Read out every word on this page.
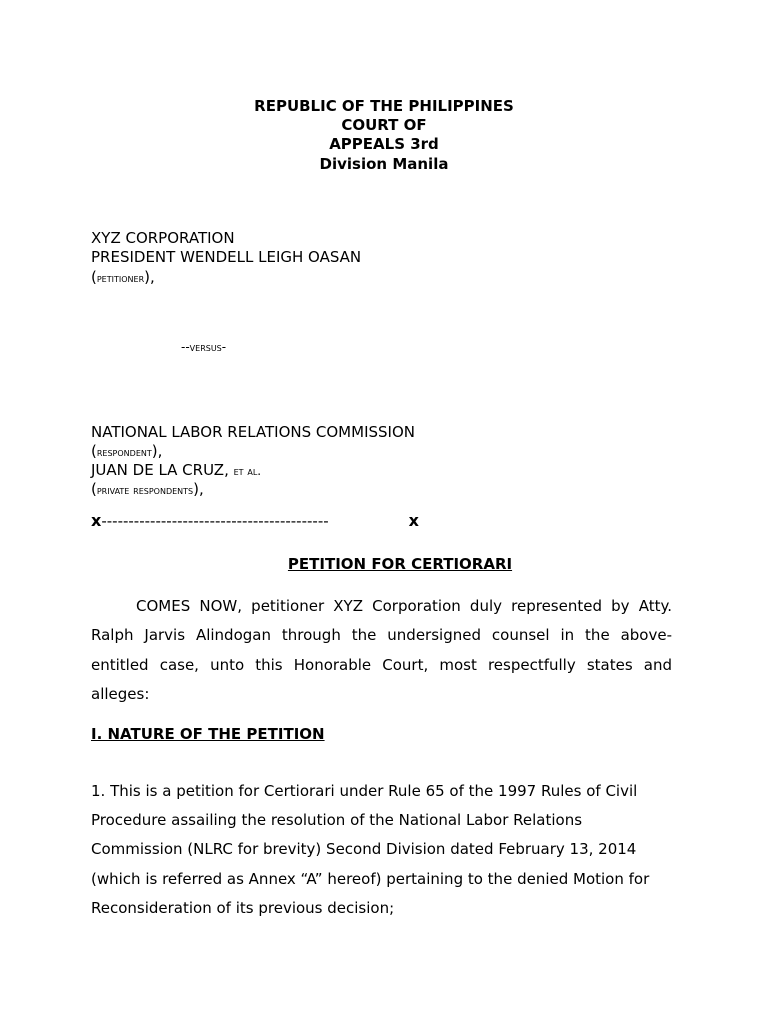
REPUBLIC OF THE PHILIPPINES

COURT OF

APPEALS 3rd

Division Manila

XYZ CORPORATION

PRESIDENT WENDELL LEIGH OASAN

(petitioner),

--versus-

NATIONAL LABOR RELATIONS COMMISSION

(respondent),

JUAN DE LA CRUZ, et al.

(private respondents),

x ------------------------------------------	x

PETITION FOR CERTIORARI

COMES NOW, petitioner XYZ Corporation duly represented by Atty. Ralph Jarvis Alindogan through the undersigned counsel in the above-entitled case, unto this Honorable Court, most respectfully states and alleges:

I. NATURE OF THE PETITION

1. This is a petition for Certiorari under Rule 65 of the 1997 Rules of Civil Procedure assailing the resolution of the National Labor Relations Commission (NLRC for brevity) Second Division dated February 13, 2014 (which is referred as Annex “A” hereof) pertaining to the denied Motion for Reconsideration of its previous decision;
